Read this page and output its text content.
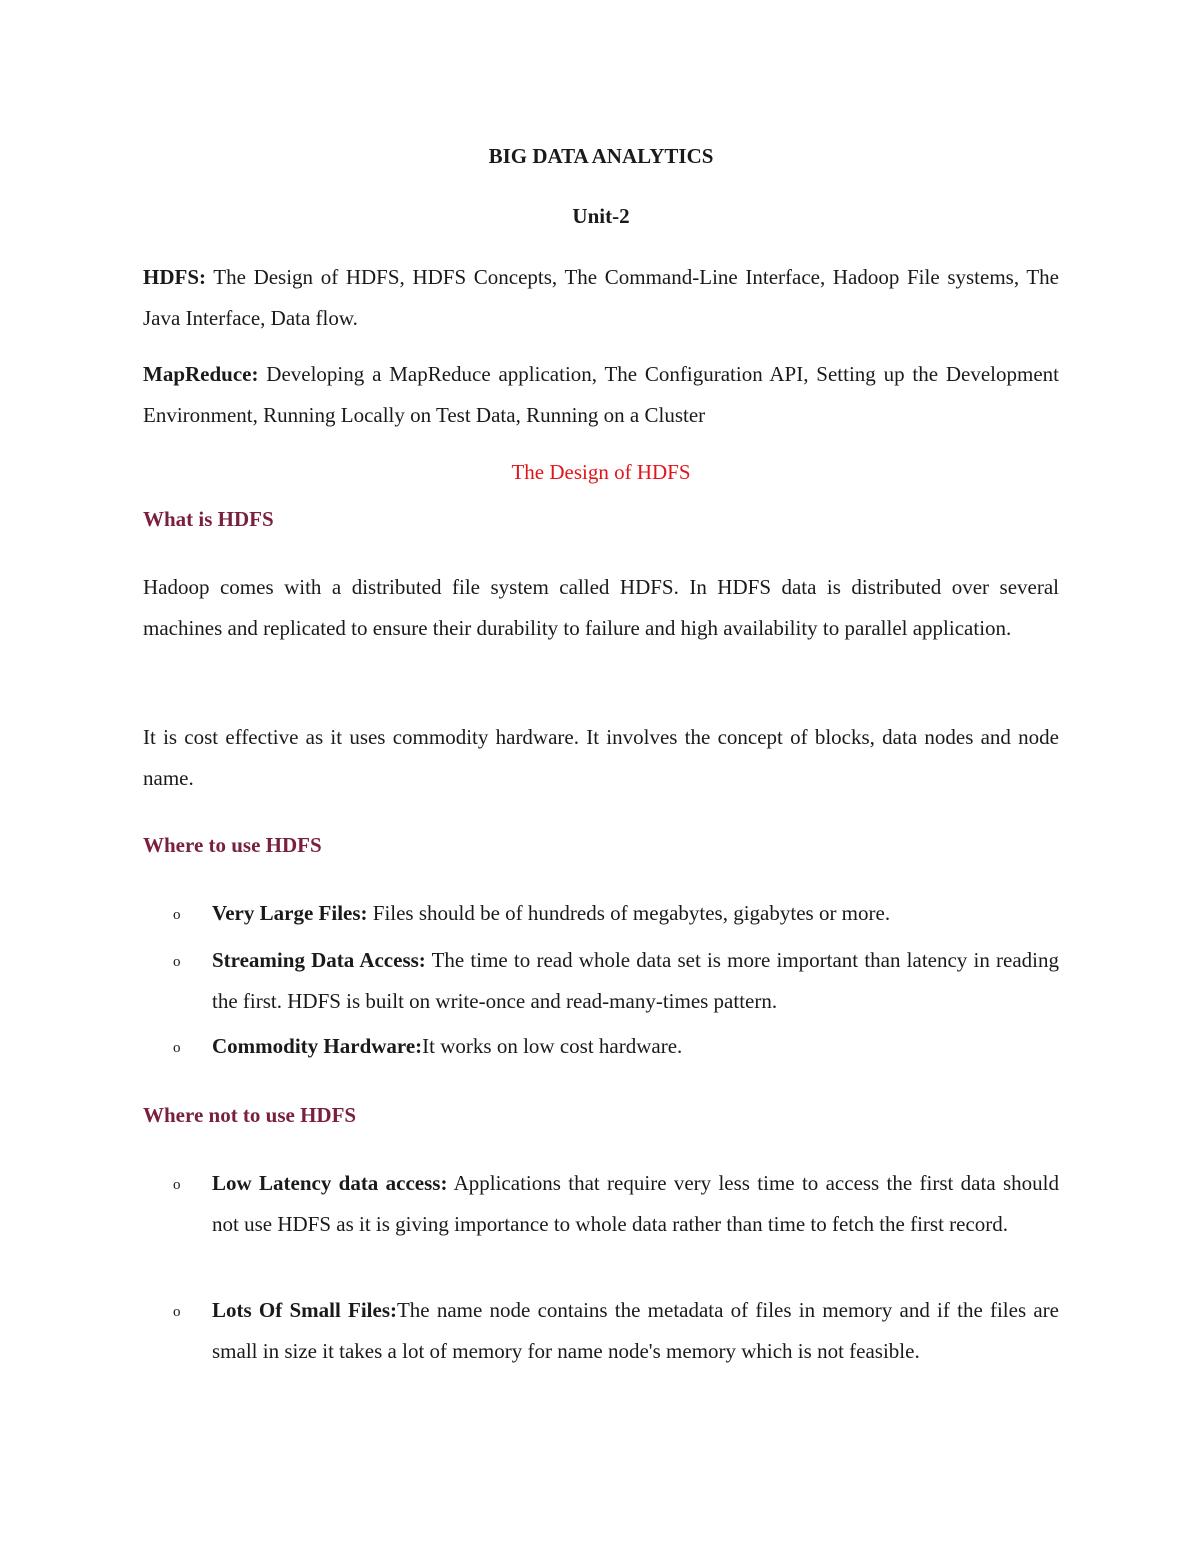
BIG DATA ANALYTICS
Unit-2

HDFS: The Design of HDFS, HDFS Concepts, The Command-Line Interface, Hadoop File systems, The Java Interface, Data flow.

MapReduce: Developing a MapReduce application, The Configuration API, Setting up the Development Environment, Running Locally on Test Data, Running on a Cluster

The Design of HDFS
What is HDFS

Hadoop comes with a distributed file system called HDFS. In HDFS data is distributed over several machines and replicated to ensure their durability to failure and high availability to parallel application.

It is cost effective as it uses commodity hardware. It involves the concept of blocks, data nodes and node name.

Where to use HDFS
o Very Large Files: Files should be of hundreds of megabytes, gigabytes or more.

o Streaming Data Access: The time to read whole data set is more important than latency in reading the first. HDFS is built on write-once and read-many-times pattern.

o Commodity Hardware:It works on low cost hardware.

Where not to use HDFS
o Low Latency data access: Applications that require very less time to access the first data should not use HDFS as it is giving importance to whole data rather than time to fetch the first record.

o Lots Of Small Files:The name node contains the metadata of files in memory and if the files are small in size it takes a lot of memory for name node's memory which is not feasible.
